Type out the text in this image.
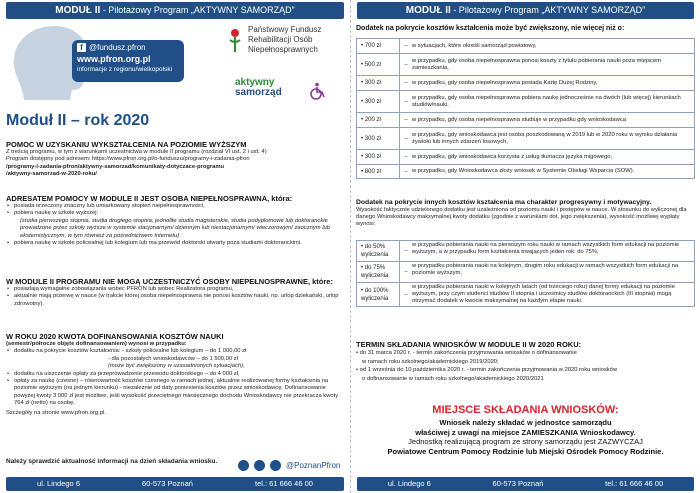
MODUŁ II - Pilotażowy Program „AKTYWNY SAMORZĄD”
f @fundusz.pfron
www.pfron.org.pl
informacje z regionu/wielkopolski
Państwowy Fundusz
Rehabilitacji Osób
Niepełnosprawnych
aktywny
samorząd
Moduł II – rok 2020
POMOC W UZYSKANIU WYKSZTAŁCENIA NA POZIOMIE WYŻSZYM
Z treścią programu, w tym z warunkami uczestnictwa w module II programu (rozdział VI ust. 2 i ust. 4)
Program dostępny pod adresem: https://www.pfron.org.pl/o-funduszu/programy-i-zadania-pfron
/programy-i-zadania-pfron/aktywny-samorzad/komunikaty-dotyczace-programu
/aktywny-samorzad-w-2020-roku/
ADRESATEM POMOCY W MODULE II JEST OSOBA NIEPEŁNOSPRAWNA, która:
• posiada orzeczony znaczny lub umiarkowany stopień niepełnosprawności,
• pobiera naukę w szkole wyższej:
(studia pierwszego stopnia, studia drugiego stopnia, jednolite studia magisterskie, studia podyplomowe lub doktoranckie prowadzone przez szkoły wyższe w systemie stacjonarnym/ dziennym lub niestacjonarnym/ wieczorowym/ zaocznym lub eksternistycznym, w tym również za pośrednictwem Internetu)
• pobiera naukę w szkole policealnej lub kolegium lub ma przewód doktorski otwarty poza studiami doktoranckimi.
W MODULE II PROGRAMU NIE MOGĄ UCZESTNICZYĆ OSOBY NIEPEŁNOSPRAWNE, które:
• posiadają wymagalne zobowiązania wobec PFRON lub wobec Realizatora programu,
• aktualnie mają przerwę w nauce (w trakcie której osoba niepełnosprawna nie ponosi kosztów nauki, np. urlop dziekański, urlop zdrowotny).
W ROKU 2020 KWOTA DOFINANSOWANIA KOSZTÓW NAUKI
(semestr/półrocze objęte dofinansowaniem) wynosi w przypadku:
• dodatku na pokrycie kosztów kształcenia: - szkoły policealne lub kolegium – do 1 000,00 zł
- dla pozostałych wnioskodawców – do 1 500,00 zł
(może być zwiększony w uzasadnionych sytuacjach),
• dodatku na uiszczenie opłaty za przeprowadzenie przewodu doktorskiego – do 4 000 zł,
• opłaty za naukę (czesne) – równowartość kosztów czesnego w ramach jednej, aktualnie realizowanej formy kształcenia na poziomie wyższym (na jednym kierunku) - niezależnie od daty poniesienia kosztów przez wnioskodawcę. Dofinansowanie powyżej kwoty 3 000 zł jest możliwe, jeśli wysokość przeciętnego miesięcznego dochodu Wnioskodawcy nie przekracza kwoty 764 zł (netto) na osobę.
Szczegóły na stronie www.pfron.org.pl.
Należy sprawdzić aktualność informacji na dzień składania wniosku.	@PoznanPfron
ul. Lindego 6	60-573 Poznań	tel.: 61 666 46 00
MODUŁ II - Pilotażowy Program „AKTYWNY SAMORZĄD”
Dodatek na pokrycie kosztów kształcenia może być zwiększony, nie więcej niż o:
• 700 zł	– w sytuacjach, które określi samorząd powiatowy,
• 500 zł	–
w przypadku, gdy osoba niepełnosprawna ponosi koszty z tytułu pobierania nauki poza miejscem zamieszkania,
• 300 zł	– w przypadku, gdy osoba niepełnosprawna posiada Kartę Dużej Rodziny,
• 300 zł	–
w przypadku, gdy osoba niepełnosprawna pobiera naukę jednocześnie na dwóch (lub więcej) kierunkach studiów/nauki,
• 200 zł	– w przypadku, gdy osoba niepełnosprawna studiuje w przypadku gdy wnioskodawca
• 300 zł	–
w przypadku, gdy wnioskodawca jest osoba poszkodowaną w 2019 lub w 2020 roku w wyniku działania żywiołu lub innych zdarzeń losowych,
• 300 zł	– w przypadku, gdy wnioskodawca korzysta z usług tłumacza języka migowego,
• 800 zł	– w przypadku, gdy Wnioskodawca złoży wniosek w Systemie Obsługi Wsparcia (SOW).
Dodatek na pokrycie innych kosztów kształcenia ma charakter progresywny i motywacyjny.
Wysokość faktycznie udzielonego dodatku jest uzależniona od poziomu nauki i postępów w nauce. W stosunku do wyliczonej dla danego Wnioskodawcy maksymalnej kwoty dodatku (zgodnie z warunkami dot. jego zwiększenia), wysokość możliwej wypłaty wynosi:
• do 50% wyliczenia
–
w przypadku pobierania nauki na pierwszym roku nauki w ramach wszystkich form edukacji na poziomie wyższym, a w przypadku form kształcenia trwających jeden rok: do 75%,
• do 75% wyliczenia
–
w przypadku pobierania nauki na kolejnym, drugim roku edukacji w ramach wszystkich form edukacji na poziomie wyższym,
• do 100% wyliczenia
–
w przypadku pobierania nauki w kolejnych latach (od trzeciego roku) danej formy edukacji na poziomie wyższym, przy czym studenci studiów II stopnia i uczestnicy studiów doktoranckich (III stopnia) mogą otrzymać dodatek w kwocie maksymalnej na każdym etapie nauki.
TERMIN SKŁADANIA WNIOSKÓW W MODULE II W 2020 ROKU:
• do 31 marca 2020 r. - termin zakończenia przyjmowania wniosków o dofinansowanie
w ramach roku szkolnego/akademickiego 2019/2020;
• od 1 września do 10 października 2020 r. - termin zakończenia przyjmowania w 2020 roku wniosków
o dofinansowanie w ramach roku szkolnego/akademickiego 2020/2021
MIEJSCE SKŁADANIA WNIOSKÓW:
Wniosek należy składać w jednostce samorządu
właściwej z uwagi na miejsce ZAMIESZKANIA Wnioskodawcy.
Jednostką realizującą program ze strony samorządu jest ZAZWYCZAJ
Powiatowe Centrum Pomocy Rodzinie lub Miejski Ośrodek Pomocy Rodzinie.
ul. Lindego 6	60-573 Poznań	tel.: 61 666 46 00
